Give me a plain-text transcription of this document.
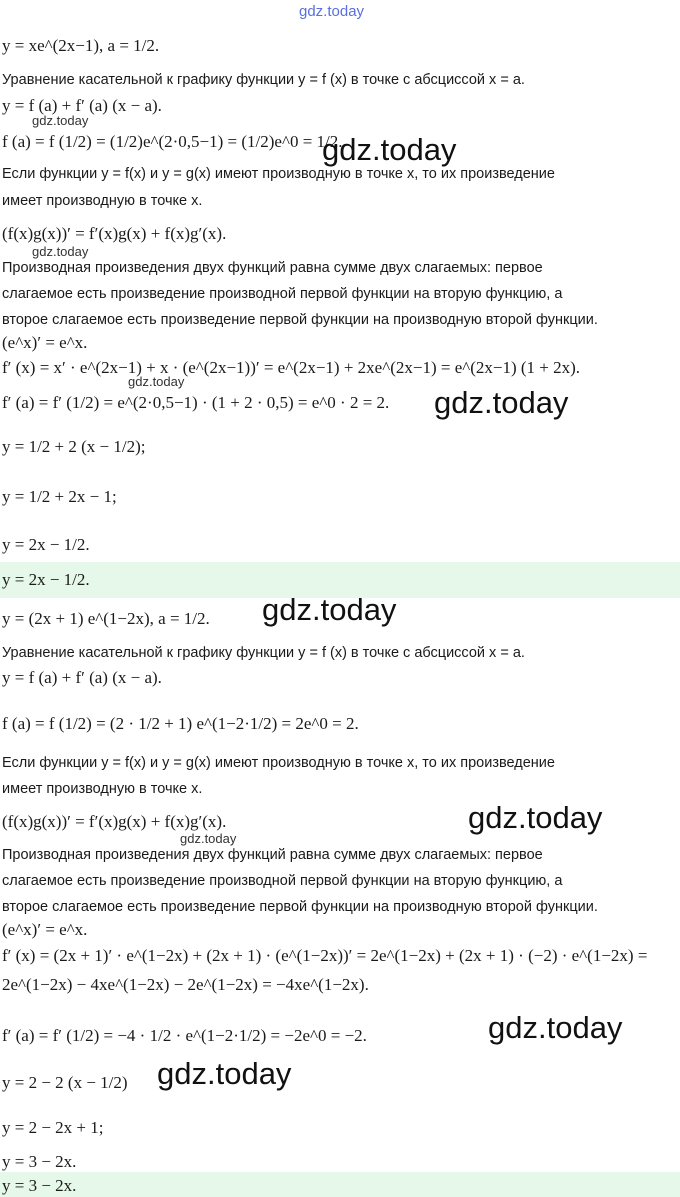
y = xe^(2x−1), a = 1/2.
Уравнение касательной к графику функции y = f (x) в точке с абсциссой x = a.
y = f (a) + f′ (a) (x − a).
f (a) = f (1/2) = (1/2)e^(2·0,5−1) = (1/2)e^0 = 1/2.
Если функции y = f(x) и y = g(x) имеют производную в точке x, то их произведение
имеет производную в точке x.
(f(x)g(x))′ = f′(x)g(x) + f(x)g′(x).
Производная произведения двух функций равна сумме двух слагаемых: первое
слагаемое есть произведение производной первой функции на вторую функцию, а
второе слагаемое есть произведение первой функции на производную второй функции.
(e^x)′ = e^x.
f′ (x) = x′ · e^(2x−1) + x · (e^(2x−1))′ = e^(2x−1) + 2xe^(2x−1) = e^(2x−1) (1 + 2x).
f′ (a) = f′ (1/2) = e^(2·0,5−1) · (1 + 2 · 0,5) = e^0 · 2 = 2.
y = 1/2 + 2 (x − 1/2);
y = 1/2 + 2x − 1;
y = 2x − 1/2.
y = 2x − 1/2.
y = (2x + 1) e^(1−2x), a = 1/2.
Уравнение касательной к графику функции y = f (x) в точке с абсциссой x = a.
y = f (a) + f′ (a) (x − a).
f (a) = f (1/2) = (2 · 1/2 + 1) e^(1−2·1/2) = 2e^0 = 2.
Если функции y = f(x) и y = g(x) имеют производную в точке x, то их произведение
имеет производную в точке x.
(f(x)g(x))′ = f′(x)g(x) + f(x)g′(x).
Производная произведения двух функций равна сумме двух слагаемых: первое
слагаемое есть произведение производной первой функции на вторую функцию, а
второе слагаемое есть произведение первой функции на производную второй функции.
(e^x)′ = e^x.
f′ (x) = (2x + 1)′ · e^(1−2x) + (2x + 1) · (e^(1−2x))′ = 2e^(1−2x) + (2x + 1) · (−2) · e^(1−2x) =
2e^(1−2x) − 4xe^(1−2x) − 2e^(1−2x) = −4xe^(1−2x).
f′ (a) = f′ (1/2) = −4 · 1/2 · e^(1−2·1/2) = −2e^0 = −2.
y = 2 − 2 (x − 1/2)
y = 2 − 2x + 1;
y = 3 − 2x.
y = 3 − 2x.
gdz.today
gdz.today
gdz.today
gdz.today
gdz.today
gdz.today
gdz.today
gdz.today
gdz.today
gdz.today
gdz.today
